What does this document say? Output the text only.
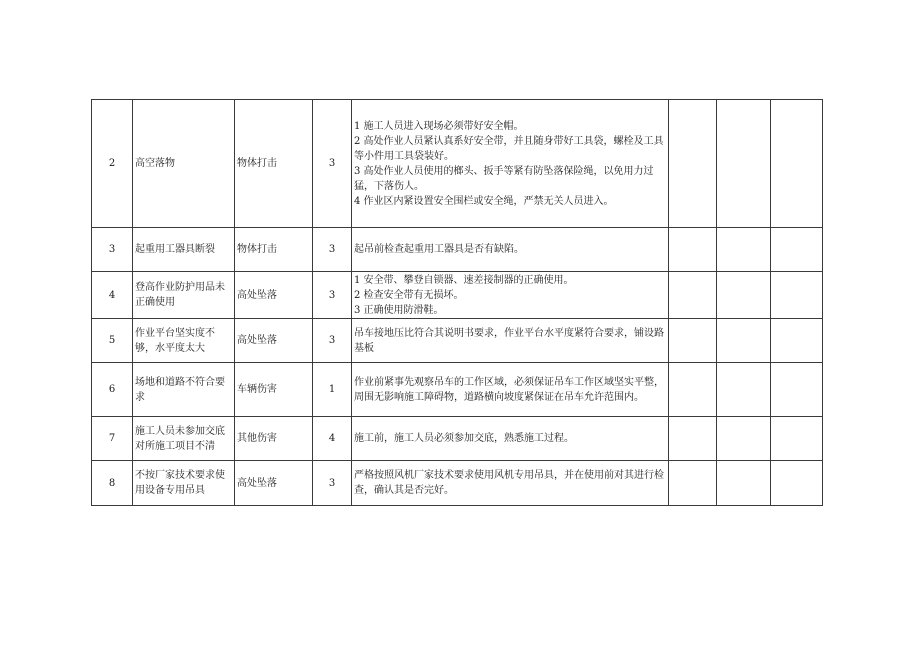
2	高空落物	物体打击	3	1 施工人员进入现场必须带好安全帽。
2 高处作业人员紧认真系好安全带，并且随身带好工具袋，螺栓及工具等小件用工具袋装好。
3 高处作业人员使用的榔头、扳手等紧有防坠落保险绳，以免用力过猛，下落伤人。
4 作业区内紧设置安全围栏或安全绳，严禁无关人员进入。			

3	起重用工器具断裂	物体打击	3	起吊前检查起重用工器具是否有缺陷。			

4	登高作业防护用品未正确使用	高处坠落	3	1 安全带、攀登自锁器、速差接制器的正确使用。
2 检查安全带有无损坏。
3 正确使用防滑鞋。			

5	作业平台坚实度不够，水平度太大	高处坠落	3	吊车接地压比符合其说明书要求，作业平台水平度紧符合要求，铺设路基板			

6	场地和道路不符合要求	车辆伤害	1	作业前紧事先观察吊车的工作区域，必须保证吊车工作区域坚实平整，周围无影响施工障碍物，道路横向坡度紧保证在吊车允许范围内。			

7	施工人员未参加交底对所施工项目不清	其他伤害	4	施工前，施工人员必须参加交底，熟悉施工过程。			

8	不按厂家技术要求使用设备专用吊具	高处坠落	3	严格按照风机厂家技术要求使用风机专用吊具，并在使用前对其进行检查，确认其是否完好。			
